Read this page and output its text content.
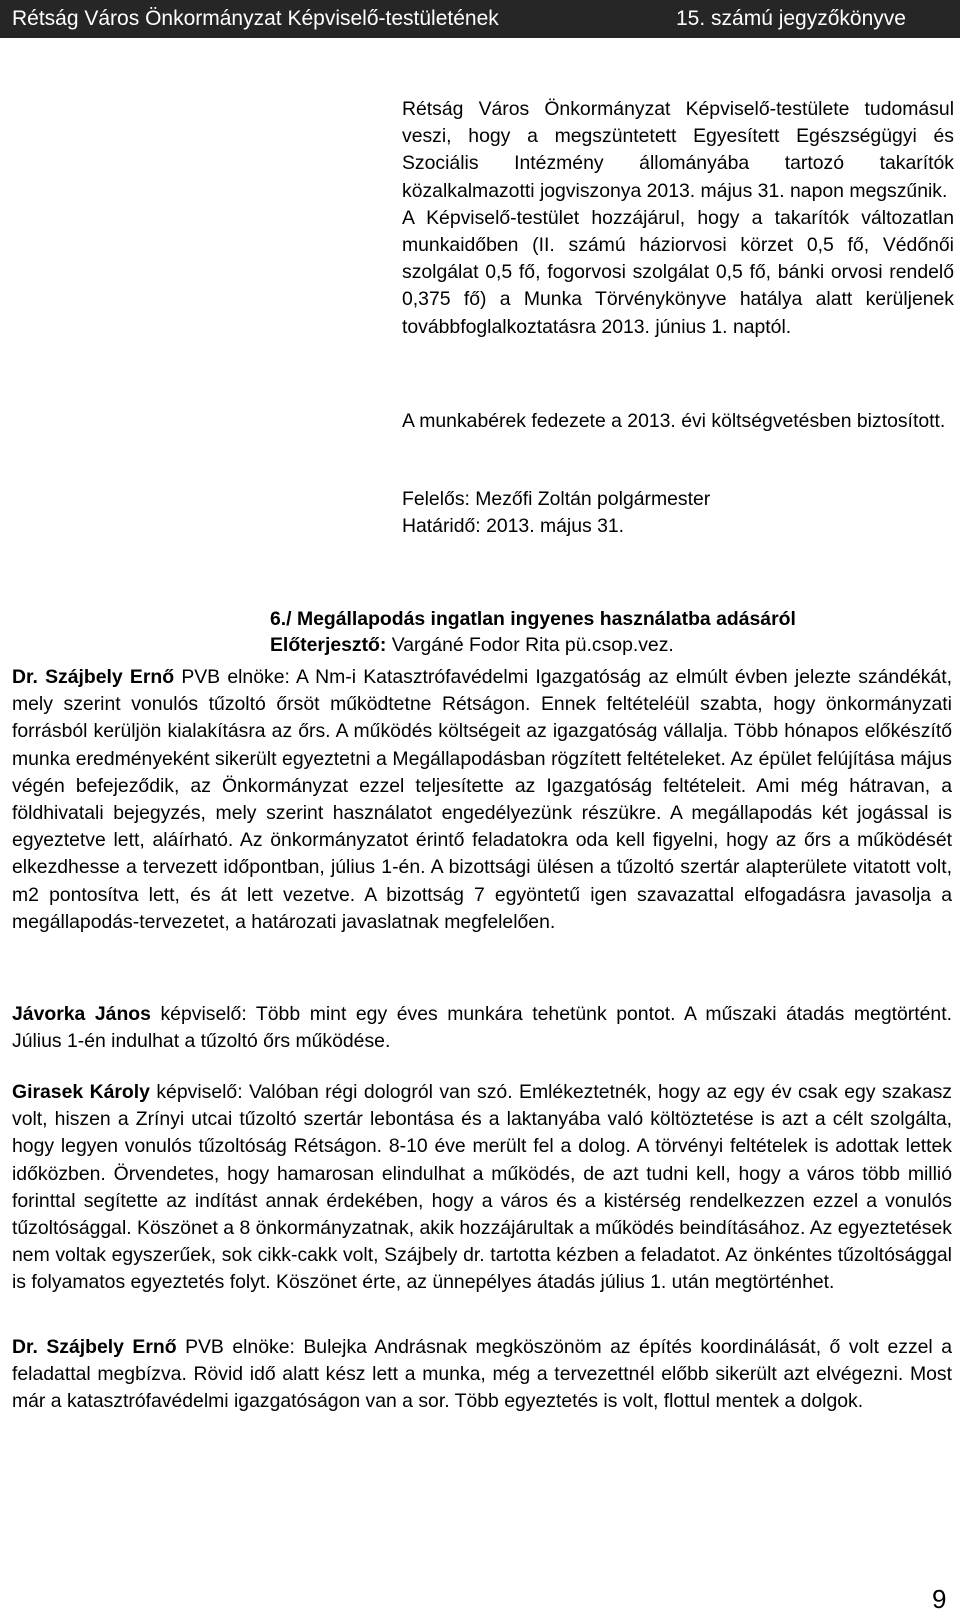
Rétság Város Önkormányzat Képviselő-testületének	15. számú jegyzőkönyve

Rétság Város Önkormányzat Képviselő-testülete tudomásul veszi, hogy a megszüntetett Egyesített Egészségügyi és Szociális Intézmény állományába tartozó takarítók közalkalmazotti jogviszonya 2013. május 31. napon megszűnik.

A Képviselő-testület hozzájárul, hogy a takarítók változatlan munkaidőben (II. számú háziorvosi körzet 0,5 fő, Védőnői szolgálat 0,5 fő, fogorvosi szolgálat 0,5 fő, bánki orvosi rendelő 0,375 fő) a Munka Törvénykönyve hatálya alatt kerüljenek továbbfoglalkoztatásra 2013. június 1. naptól.

A munkabérek fedezete a 2013. évi költségvetésben biztosított.

Felelős: Mezőfi Zoltán polgármester

Határidő: 2013. május 31.

6./ Megállapodás ingatlan ingyenes használatba adásáról
Előterjesztő: Vargáné Fodor Rita pü.csop.vez.

Dr. Szájbely Ernő PVB elnöke: A Nm-i Katasztrófavédelmi Igazgatóság az elmúlt évben jelezte szándékát, mely szerint vonulós tűzoltó őrsöt működtetne Rétságon. Ennek feltételéül szabta, hogy önkormányzati forrásból kerüljön kialakításra az őrs. A működés költségeit az igazgatóság vállalja. Több hónapos előkészítő munka eredményeként sikerült egyeztetni a Megállapodásban rögzített feltételeket. Az épület felújítása május végén befejeződik, az Önkormányzat ezzel teljesítette az Igazgatóság feltételeit. Ami még hátravan, a földhivatali bejegyzés, mely szerint használatot engedélyezünk részükre. A megállapodás két jogással is egyeztetve lett, aláírható. Az önkormányzatot érintő feladatokra oda kell figyelni, hogy az őrs a működését elkezdhesse a tervezett időpontban, július 1-én. A bizottsági ülésen a tűzoltó szertár alapterülete vitatott volt, m2 pontosítva lett, és át lett vezetve. A bizottság 7 egyöntetű igen szavazattal elfogadásra javasolja a megállapodás-tervezetet, a határozati javaslatnak megfelelően.

Jávorka János képviselő: Több mint egy éves munkára tehetünk pontot. A műszaki átadás megtörtént. Július 1-én indulhat a tűzoltó őrs működése.

Girasek Károly képviselő: Valóban régi dologról van szó. Emlékeztetnék, hogy az egy év csak egy szakasz volt, hiszen a Zrínyi utcai tűzoltó szertár lebontása és a laktanyába való költöztetése is azt a célt szolgálta, hogy legyen vonulós tűzoltóság Rétságon. 8-10 éve merült fel a dolog. A törvényi feltételek is adottak lettek időközben. Örvendetes, hogy hamarosan elindulhat a működés, de azt tudni kell, hogy a város több millió forinttal segítette az indítást annak érdekében, hogy a város és a kistérség rendelkezzen ezzel a vonulós tűzoltósággal. Köszönet a 8 önkormányzatnak, akik hozzájárultak a működés beindításához. Az egyeztetések nem voltak egyszerűek, sok cikk-cakk volt, Szájbely dr. tartotta kézben a feladatot. Az önkéntes tűzoltósággal is folyamatos egyeztetés folyt. Köszönet érte, az ünnepélyes átadás július 1. után megtörténhet.

Dr. Szájbely Ernő PVB elnöke: Bulejka Andrásnak megköszönöm az építés koordinálását, ő volt ezzel a feladattal megbízva. Rövid idő alatt kész lett a munka, még a tervezettnél előbb sikerült azt elvégezni. Most már a katasztrófavédelmi igazgatóságon van a sor. Több egyeztetés is volt, flottul mentek a dolgok.

9
